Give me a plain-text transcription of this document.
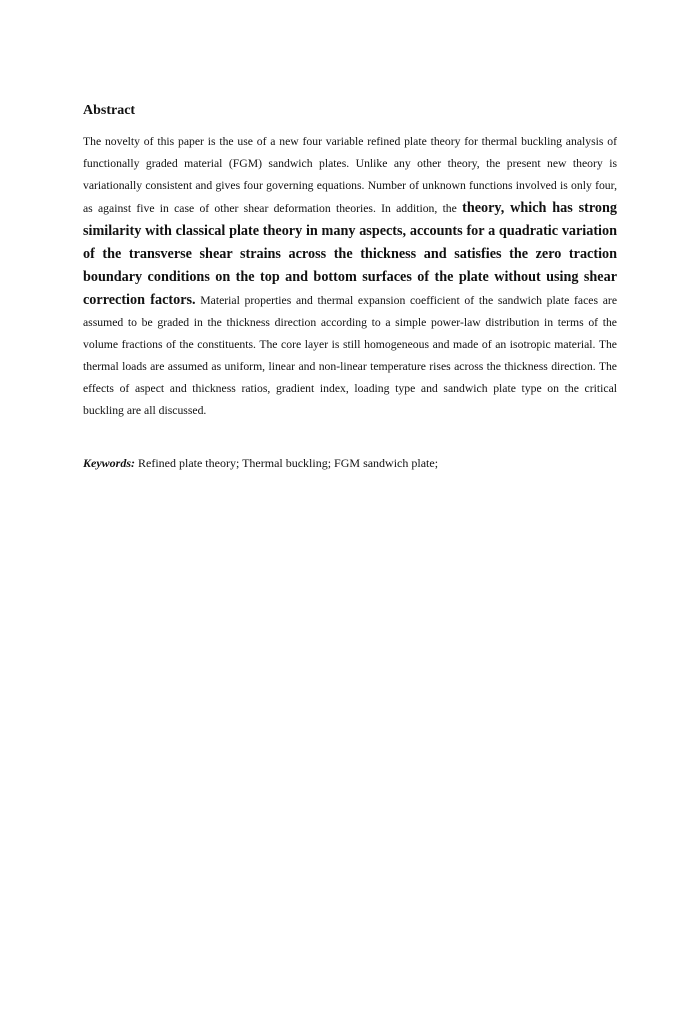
Abstract

The novelty of this paper is the use of a new four variable refined plate theory for thermal buckling analysis of functionally graded material (FGM) sandwich plates. Unlike any other theory, the present new theory is variationally consistent and gives four governing equations. Number of unknown functions involved is only four, as against five in case of other shear deformation theories. In addition, the theory, which has strong similarity with classical plate theory in many aspects, accounts for a quadratic variation of the transverse shear strains across the thickness and satisfies the zero traction boundary conditions on the top and bottom surfaces of the plate without using shear correction factors. Material properties and thermal expansion coefficient of the sandwich plate faces are assumed to be graded in the thickness direction according to a simple power-law distribution in terms of the volume fractions of the constituents. The core layer is still homogeneous and made of an isotropic material. The thermal loads are assumed as uniform, linear and non-linear temperature rises across the thickness direction. The effects of aspect and thickness ratios, gradient index, loading type and sandwich plate type on the critical buckling are all discussed.

Keywords: Refined plate theory; Thermal buckling; FGM sandwich plate;
